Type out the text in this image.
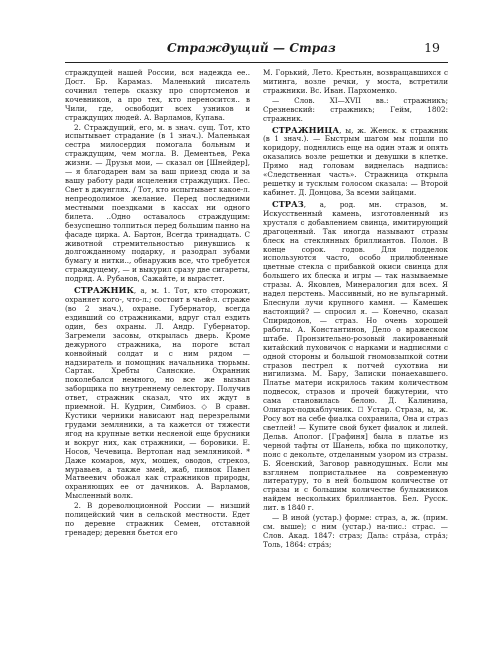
Страждущий — Страз	19

страждущей нашей России, вся надежда ее.. Дост. Бр. Карамаз. Маленький писатель сочинил теперь сказку про спортсменов и кочевников, а про тех, кто переносится.. в Чили, где, освободит всех узников и страждущих людей. А. Варламов, Купава.

2. Страждущий, его, м. в знач. сущ. Тот, кто испытывает страдание (в 1 знач.). Маленькая сестра милосердия помогала больным и страждущим, чем могла. В. Дементьев, Река жизни. — Друзья мои, — сказал он [Шнейдер], — я благодарен вам за ваш приезд сюда и за вашу работу ради исцеления страждущих. Пес. Свет в джунглях. / Тот, кто испытывает какое-л. непреодолимое желание. Перед последними местными поездками в кассах ни одного билета. ..Одно оставалось страждущим: безуспешно толпиться перед большим панно на фасаде цирка. А. Бартон, Всегда тринадцать. С животной стремительностью ринувшись к долгожданному подарку, я разодрал зубами бумагу и нитки.., обнаружив все, что требуется страждущему, — и выкурил сразу две сигареты, подряд. А. Рубанов, Сажайте, и вырастет.

СТРАЖНИК, а, м. 1. Тот, кто сторожит, охраняет кого-, что-л.; состоит в чьей-л. страже (во 2 знач.), охране. Губернатор, всегда ездивший со стражниками, вдруг стал ездить один, без охраны. Л. Андр. Губернатор. Загремели засовы, открылась дверь. Кроме дежурного стражника, на пороге встал конвойный солдат и с ним рядом — надзиратель и помощник начальника тюрьмы. Сартак. Хребты Саянские. Охранник поколебался немного, но все же вызвал заборщика по внутреннему селектору. Получив ответ, стражник сказал, что их ждут в приемной. Н. Кудрин, Симбиоз. ◇ В сравн. Кустики черники нависают над перезрелыми грудами земляники, а та кажется от тяжести ягод на крупные ветки несяеной еще брусники и вокруг них, как стражники, — боровики. Е. Носов, Чечевица. Вертопан над земляникой. * Даже комаров, мух, мошек, оводов, стрекоз, муравьев, а также змей, жаб, пиявок Павел Матвеевич обожал как стражников природы, охраняющих ее от дачников. А. Варламов, Мысленный волк.

2. В дореволюционной России — низший полицейский чин в сельской местности. Едет по деревне стражник Семен, отставной гренадер; деревня бьется его

М. Горький, Лето. Крестьян, возвращавшихся с митинга, возле речки, у моста, встретили стражники. Вс. Иван. Пархоменко.

— Слов. XI—XVII вв.: стражникъ; Срезневский: стражникъ; Гейм, 1802: стражник.

СТРАЖНИЦА, ы, ж. Женск. к стражник (в 1 знач.). — Быстрым шагом мы пошли по коридору, поднялись еще на один этаж и опять оказались возле решетки и девушки в клетке. Прямо над головам виднелась надпись: «Следственная часть». Стражница открыла решетку и тусклым голосом сказала: — Второй кабинет. Д. Донцова, За всеми зайцами.

СТРАЗ, а, род. мн. стразов, м. Искусственный камень, изготовленный из хрусталя с добавлением свинца, имитирующий драгоценный. Так иногда называют стразы блеск на стеклянных бриллиантов. Полон. В конце сорок. годов. Для подделок используются часто, особо прилюбленные цветные стекла с прибавкой окиси свинца для большего их блеска и игры — так называемые стразы. А. Яковлев, Минералогия для всех. Я надел перстень. Массивный, но не вульгарный. Блеснули лучи крупного камня. — Камешек настоящий? — спросил я. — Конечно, сказал Спиридонов, — страз. Но очень хорошей работы. А. Константинов, Дело о вражеском штабе. Пронзительно-розовый лакированный китайский пуховичок с нарками и надписями с одной стороны и большой гномовзыпкой сотни стразов пестрел к потчей сухотвиа ни нигилизма. М. Бару, Записки понаехавшего. Платье матери искрилось таким количеством подвесок, стразов и прочей бижутерии, что сама становилась белою. Д. Калинина, Олигарх-подкаблучник. ☐ Устар. Страза, ы, ж. Росу вот на себе фиалка сохранила, Она и страз светлей! — Купите свой букет фиалок и лилей. Дельв. Аполог. [Графиня] была в платье из черной тафты от Шанель, юбка по щиколотку, пояс с декольте, отделанным узором из стразы. Б. Ясенский, Заговор равнодушных. Если мы взглянем попристальнее на современную литературу, то в ней большом количестве от стразы и с большим количестве булыжников найдем нескольких бриллиантов. Бел. Русск. лит. в 1840 г.

— В иной (устар.) форме: страз, а, ж. (прим. см. выше); с ним (устар.) на-пис.: страс. — Слов. Акад. 1847: страз; Даль: стра́за, стра́з; Толь, 1864: стра́з;
